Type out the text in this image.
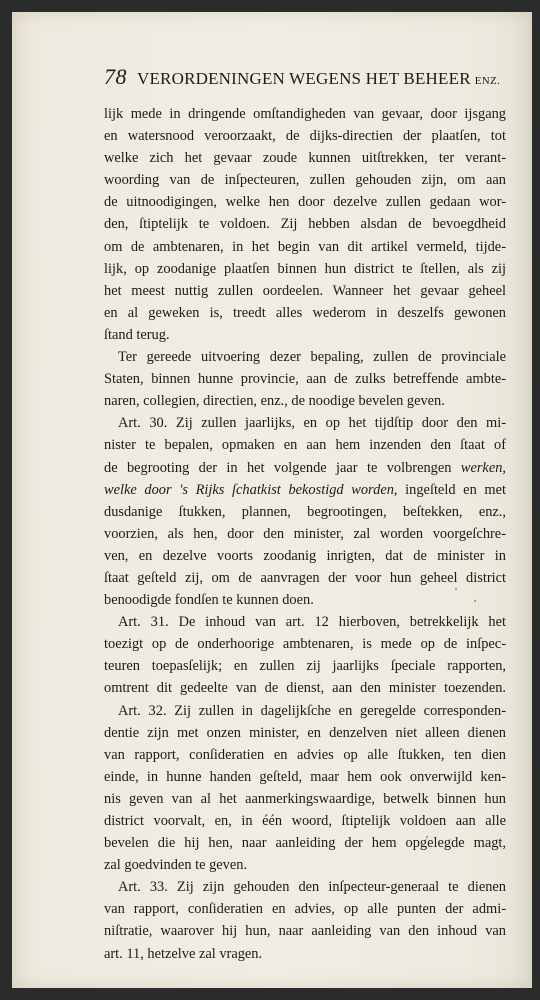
78 VERORDENINGEN WEGENS HET BEHEER ENZ.
lijk mede in dringende omſtandigheden van gevaar, door ijsgang
en watersnood veroorzaakt, de dijks-directien der plaatſen, tot
welke zich het gevaar zoude kunnen uitſtrekken, ter verant-
woording van de inſpecteuren, zullen gehouden zijn, om aan
de uitnoodigingen, welke hen door dezelve zullen gedaan wor-
den, ſtiptelijk te voldoen. Zij hebben alsdan de bevoegdheid
om de ambtenaren, in het begin van dit artikel vermeld, tijde-
lijk, op zoodanige plaatſen binnen hun district te ſtellen, als zij
het meest nuttig zullen oordeelen. Wanneer het gevaar geheel
en al geweken is, treedt alles wederom in deszelfs gewonen
ſtand terug.
Ter gereede uitvoering dezer bepaling, zullen de provinciale
Staten, binnen hunne provincie, aan de zulks betreffende ambte-
naren, collegien, directien, enz., de noodige bevelen geven.
Art. 30. Zij zullen jaarlijks, en op het tijdſtip door den mi-
nister te bepalen, opmaken en aan hem inzenden den ſtaat of
de begrooting der in het volgende jaar te volbrengen werken,
welke door 's Rijks ſchatkist bekostigd worden, ingeſteld en met
dusdanige ſtukken, plannen, begrootingen, beſtekken, enz.,
voorzien, als hen, door den minister, zal worden voorgeſchre-
ven, en dezelve voorts zoodanig inrigten, dat de minister in
ſtaat geſteld zij, om de aanvragen der voor hun geheel district
benoodigde fondſen te kunnen doen.
Art. 31. De inhoud van art. 12 hierboven, betrekkelijk het
toezigt op de onderhoorige ambtenaren, is mede op de inſpec-
teuren toepasſelijk; en zullen zij jaarlijks ſpeciale rapporten,
omtrent dit gedeelte van de dienst, aan den minister toezenden.
Art. 32. Zij zullen in dagelijkſche en geregelde corresponden-
dentie zijn met onzen minister, en denzelven niet alleen dienen
van rapport, conſideratien en advies op alle ſtukken, ten dien
einde, in hunne handen geſteld, maar hem ook onverwijld ken-
nis geven van al het aanmerkingswaardige, betwelk binnen hun
district voorvalt, en, in één woord, ſtiptelijk voldoen aan alle
bevelen die hij hen, naar aanleiding der hem opgelegde magt,
zal goedvinden te geven.
Art. 33. Zij zijn gehouden den inſpecteur-generaal te dienen
van rapport, conſideratien en advies, op alle punten der admi-
niſtratie, waarover hij hun, naar aanleiding van den inhoud van
art. 11, hetzelve zal vragen.
